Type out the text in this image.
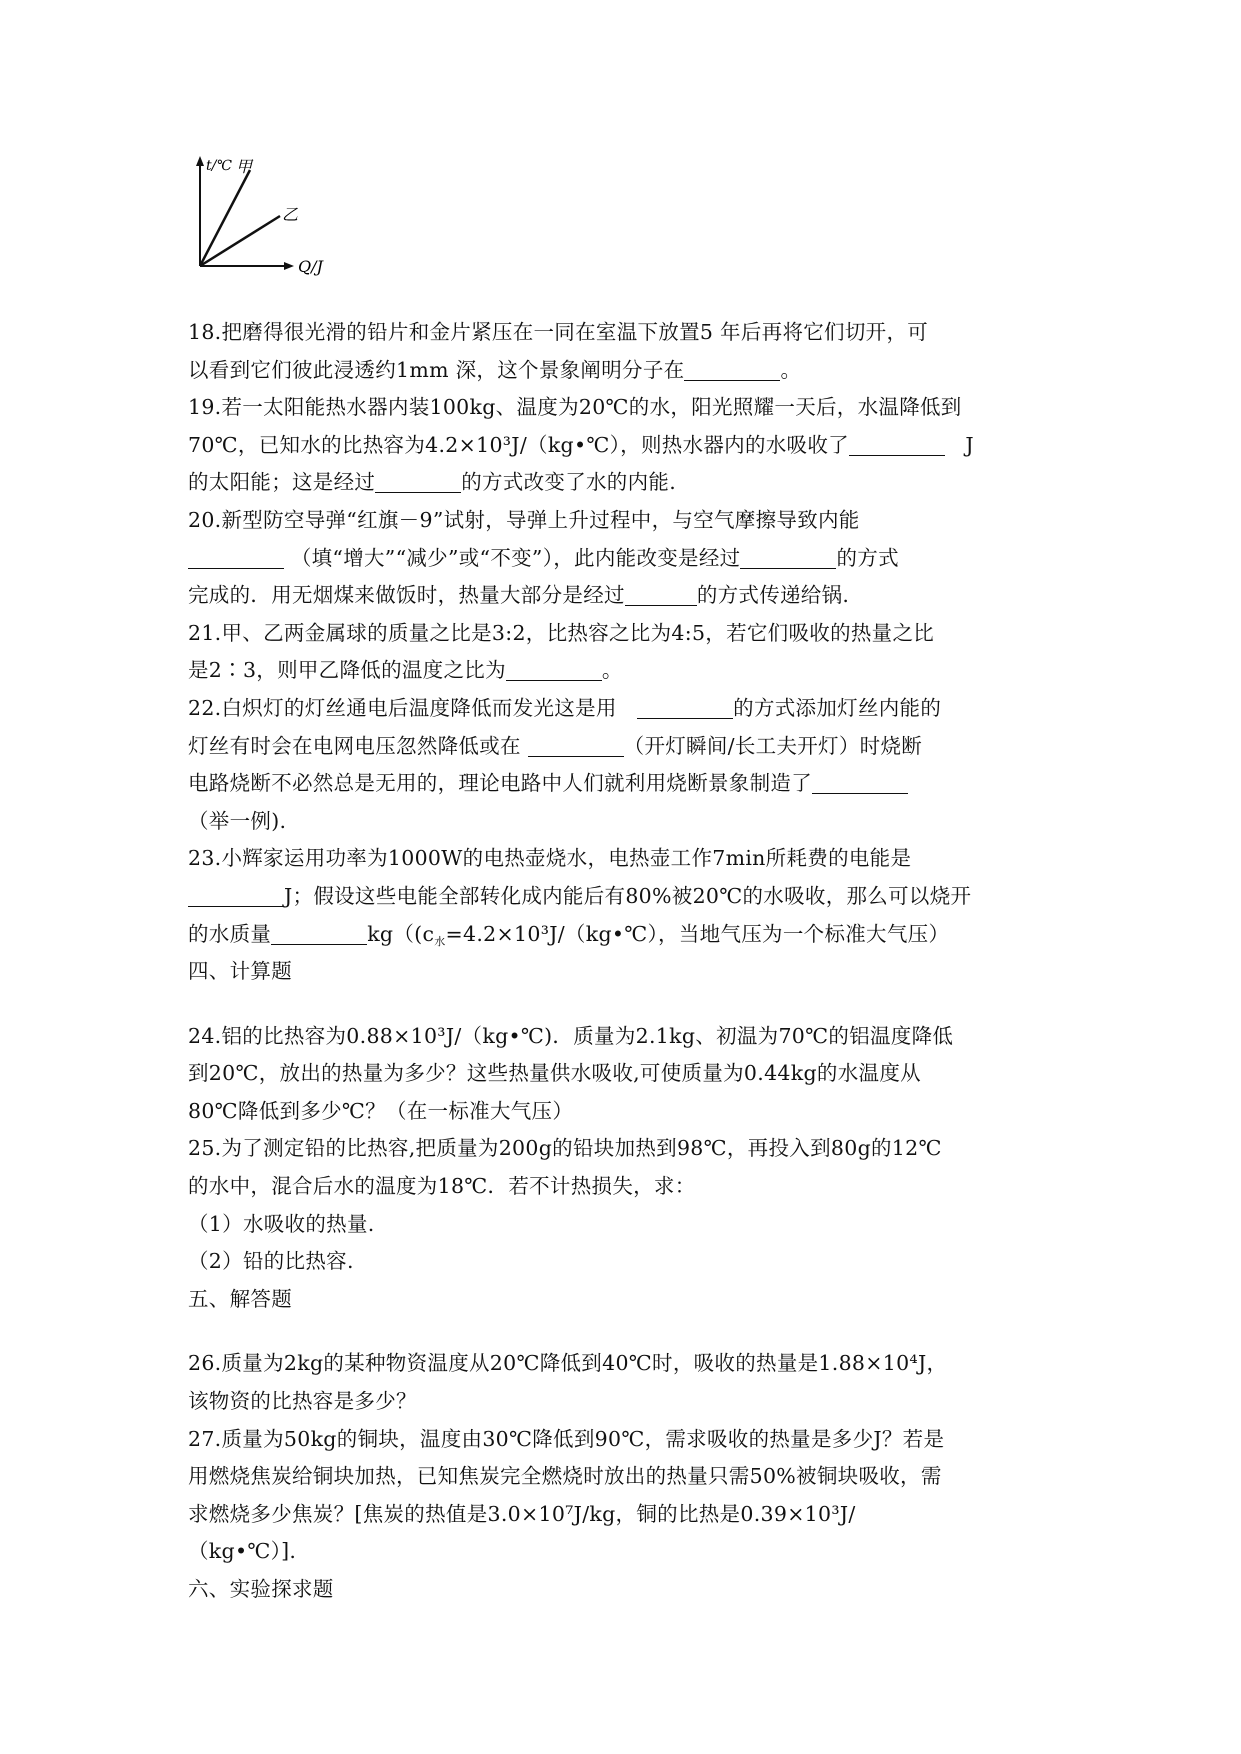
t/℃ 甲
乙
Q/J
18.把磨得很光滑的铅片和金片紧压在一同在室温下放置5 年后再将它们切开，可
以看到它们彼此浸透约1mm 深，这个景象阐明分子在	。
19.若一太阳能热水器内装100kg、温度为20℃的水，阳光照耀一天后，水温降低到
70℃，已知水的比热容为4.2×10³J/（kg•℃），则热水器内的水吸收了	J
的太阳能；这是经过	的方式改变了水的内能.
20.新型防空导弹“红旗－9”试射，导弹上升过程中，与空气摩擦导致内能
（填“增大”“减少”或“不变”），此内能改变是经过	的方式
完成的．用无烟煤来做饭时，热量大部分是经过	的方式传递给锅.
21.甲、乙两金属球的质量之比是3:2，比热容之比为4:5，若它们吸收的热量之比
是2∶3，则甲乙降低的温度之比为	。
22.白炽灯的灯丝通电后温度降低而发光这是用	的方式添加灯丝内能的
灯丝有时会在电网电压忽然降低或在	（开灯瞬间/长工夫开灯）时烧断
电路烧断不必然总是无用的，理论电路中人们就利用烧断景象制造了
（举一例).
23.小辉家运用功率为1000W的电热壶烧水，电热壶工作7min所耗费的电能是
J；假设这些电能全部转化成内能后有80%被20℃的水吸收，那么可以烧开
的水质量	$kg((c_水=4.2\times 10^3J/(kg•℃)$，当地气压为一个标准大气压）
四、计算题
24.铝的比热容为0.88×10³J/（kg•℃)．质量为2.1kg、初温为70℃的铝温度降低
到20℃，放出的热量为多少？这些热量供水吸收,可使质量为0.44kg的水温度从
80℃降低到多少℃？（在一标准大气压）
25.为了测定铅的比热容,把质量为200g的铅块加热到98℃，再投入到80g的12℃
的水中，混合后水的温度为18℃．若不计热损失，求：
（1）水吸收的热量.
（2）铅的比热容.
五、解答题
26.质量为2kg的某种物资温度从20℃降低到40℃时，吸收的热量是1.88×10⁴J，
该物资的比热容是多少？
27.质量为50kg的铜块，温度由30℃降低到90℃，需求吸收的热量是多少J？若是
用燃烧焦炭给铜块加热，已知焦炭完全燃烧时放出的热量只需50%被铜块吸收，需
求燃烧多少焦炭？[焦炭的热值是3.0×10⁷J/kg，铜的比热是0.39×10³J/
（kg•℃）].
六、实验探求题
